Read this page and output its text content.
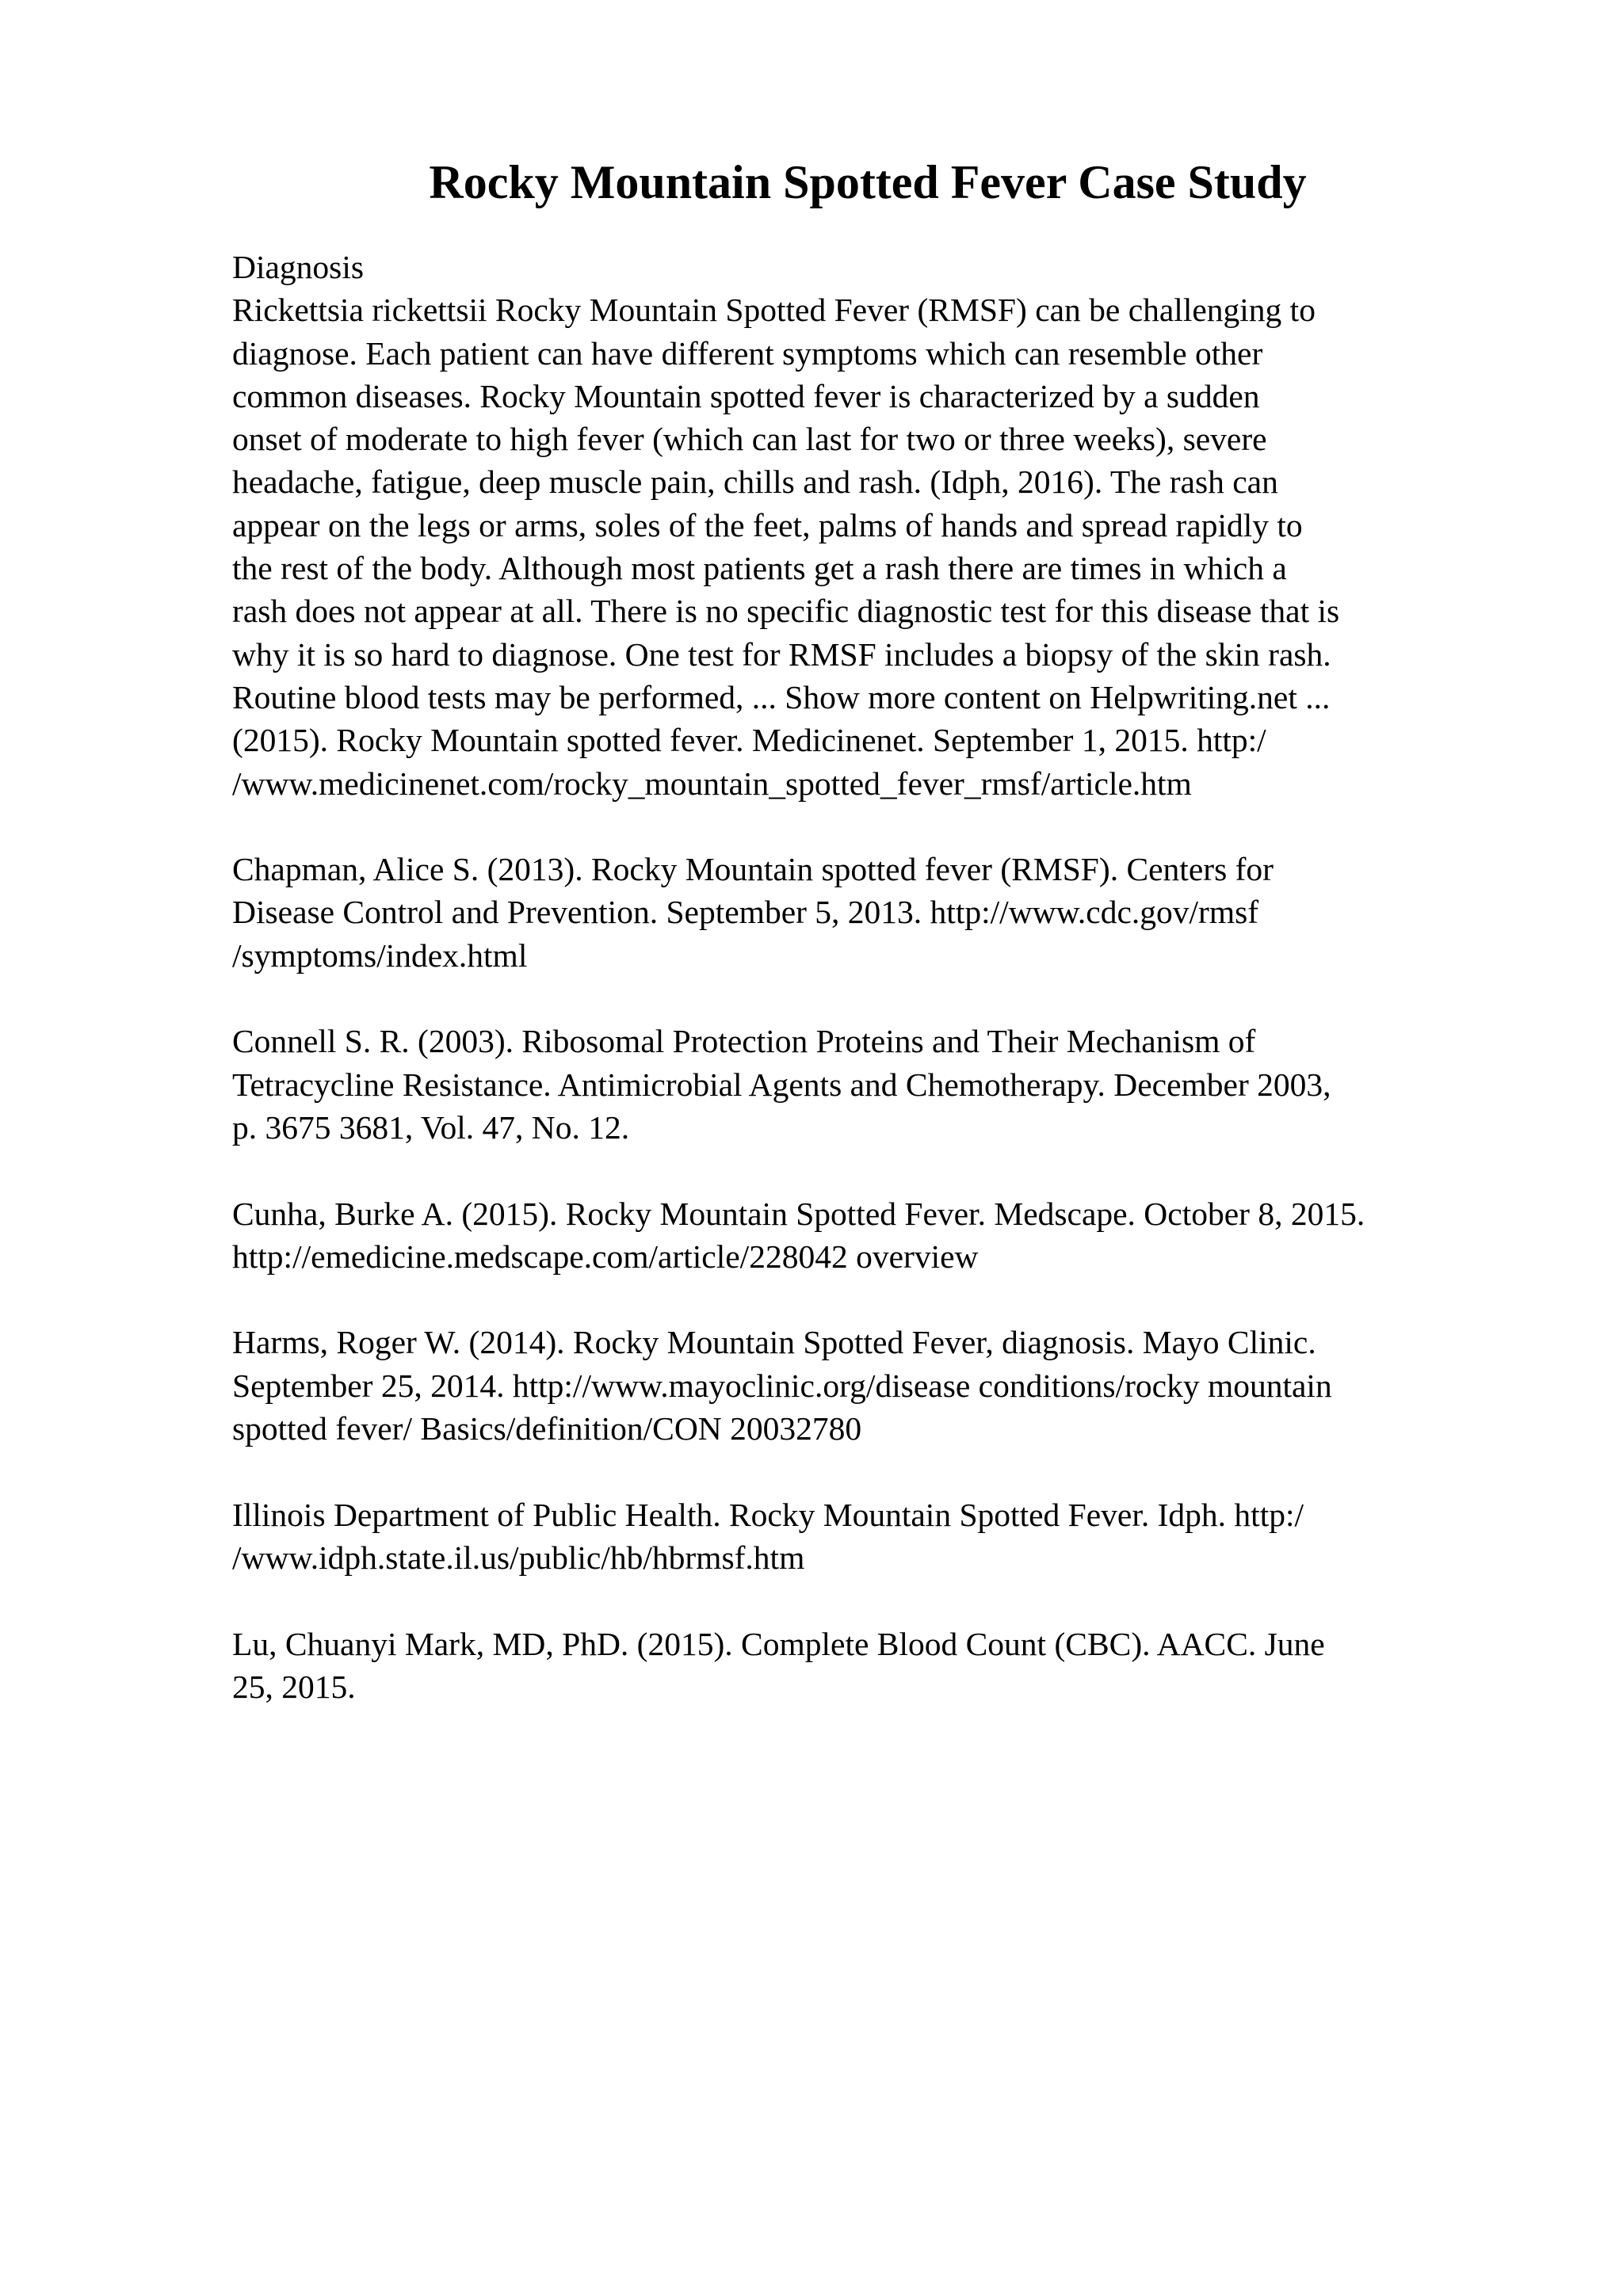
Rocky Mountain Spotted Fever Case Study

Diagnosis
Rickettsia rickettsii Rocky Mountain Spotted Fever (RMSF) can be challenging to
diagnose. Each patient can have different symptoms which can resemble other
common diseases. Rocky Mountain spotted fever is characterized by a sudden
onset of moderate to high fever (which can last for two or three weeks), severe
headache, fatigue, deep muscle pain, chills and rash. (Idph, 2016). The rash can
appear on the legs or arms, soles of the feet, palms of hands and spread rapidly to
the rest of the body. Although most patients get a rash there are times in which a
rash does not appear at all. There is no specific diagnostic test for this disease that is
why it is so hard to diagnose. One test for RMSF includes a biopsy of the skin rash.
Routine blood tests may be performed, ... Show more content on Helpwriting.net ...
(2015). Rocky Mountain spotted fever. Medicinenet. September 1, 2015. http:/
/www.medicinenet.com/rocky_mountain_spotted_fever_rmsf/article.htm

Chapman, Alice S. (2013). Rocky Mountain spotted fever (RMSF). Centers for
Disease Control and Prevention. September 5, 2013. http://www.cdc.gov/rmsf
/symptoms/index.html

Connell S. R. (2003). Ribosomal Protection Proteins and Their Mechanism of
Tetracycline Resistance. Antimicrobial Agents and Chemotherapy. December 2003,
p. 3675 3681, Vol. 47, No. 12.

Cunha, Burke A. (2015). Rocky Mountain Spotted Fever. Medscape. October 8, 2015.
http://emedicine.medscape.com/article/228042 overview

Harms, Roger W. (2014). Rocky Mountain Spotted Fever, diagnosis. Mayo Clinic.
September 25, 2014. http://www.mayoclinic.org/disease conditions/rocky mountain
spotted fever/ Basics/definition/CON 20032780

Illinois Department of Public Health. Rocky Mountain Spotted Fever. Idph. http:/
/www.idph.state.il.us/public/hb/hbrmsf.htm

Lu, Chuanyi Mark, MD, PhD. (2015). Complete Blood Count (CBC). AACC. June
25, 2015.
